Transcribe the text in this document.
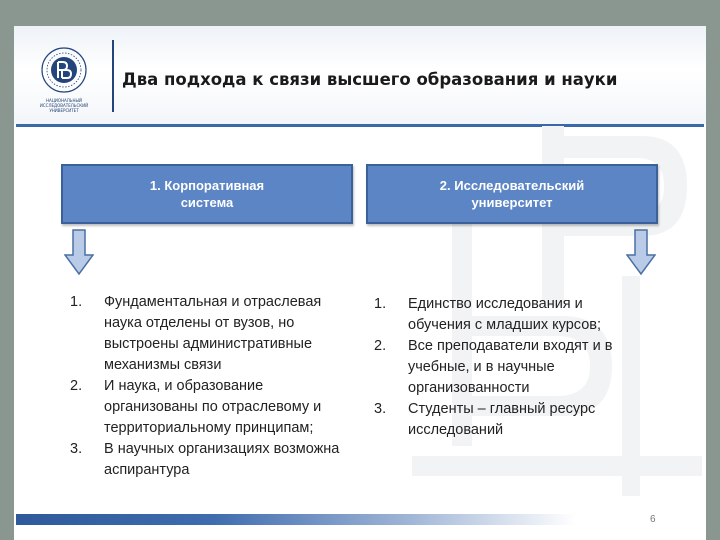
НАЦИОНАЛЬНЫЙ ИССЛЕДОВАТЕЛЬСКИЙ УНИВЕРСИТЕТ
Два подхода к связи высшего образования и науки
1. Корпоративная
система
2. Исследовательский
университет
1. Фундаментальная и отраслевая наука отделены от вузов, но выстроены административные механизмы связи
2. И наука, и образование организованы по отраслевому и территориальному принципам;
3. В научных организациях возможна аспирантура
1. Единство исследования и обучения с младших курсов;
2. Все преподаватели входят и в учебные, и в научные организованности
3. Студенты – главный ресурс исследований
6
